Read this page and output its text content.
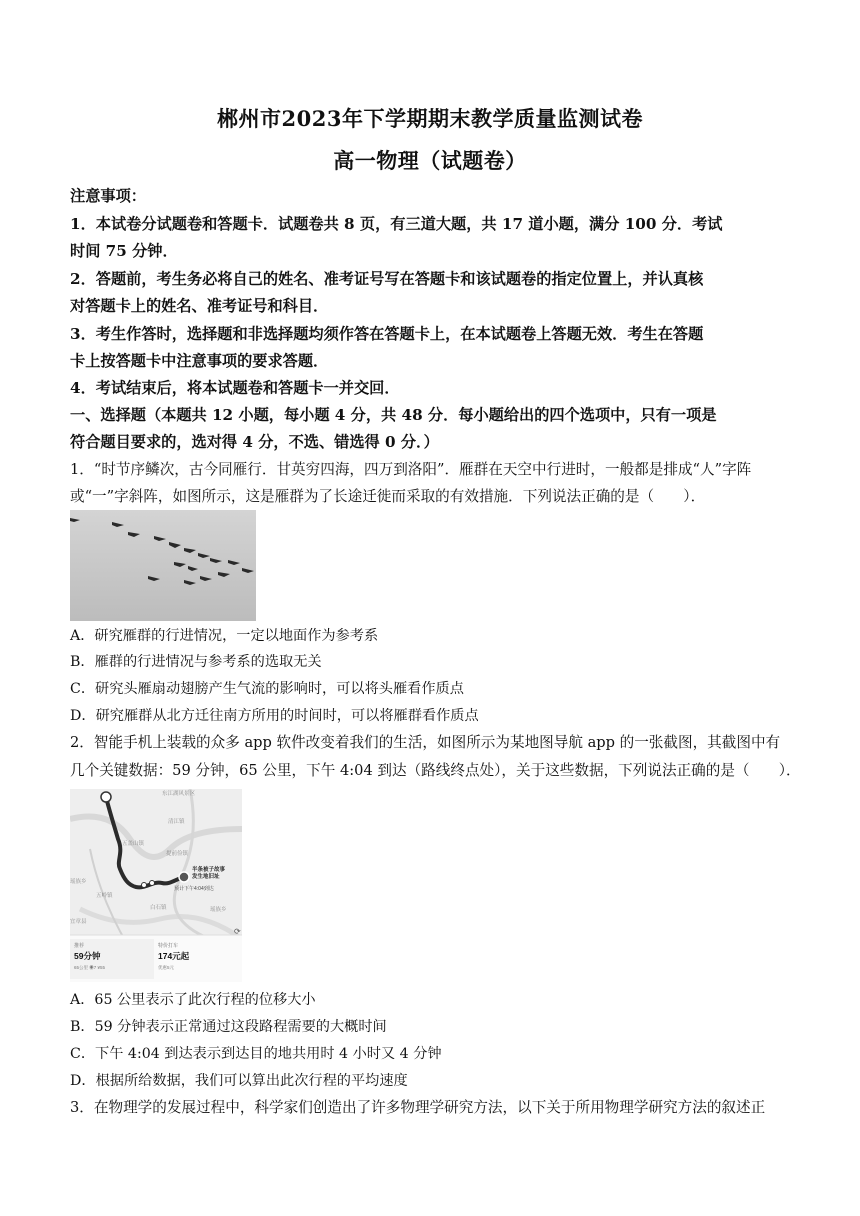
郴州市2023年下学期期末教学质量监测试卷
高一物理（试题卷）
注意事项：
1．本试卷分试题卷和答题卡．试题卷共 8 页，有三道大题，共 17 道小题，满分 100 分．考试
时间 75 分钟．
2．答题前，考生务必将自己的姓名、准考证号写在答题卡和该试题卷的指定位置上，并认真核
对答题卡上的姓名、准考证号和科目．
3．考生作答时，选择题和非选择题均须作答在答题卡上，在本试题卷上答题无效．考生在答题
卡上按答题卡中注意事项的要求答题．
4．考试结束后，将本试题卷和答题卡一并交回．
一、选择题（本题共 12 小题，每小题 4 分，共 48 分．每小题给出的四个选项中，只有一项是
符合题目要求的，选对得 4 分，不选、错选得 0 分．）
1．“时节序鳞次，古今同雁行．甘英穷四海，四万到洛阳”．雁群在天空中行进时，一般都是排成“人”字阵
或“一”字斜阵，如图所示，这是雁群为了长途迁徙而采取的有效措施．下列说法正确的是（　　）．
A．研究雁群的行进情况，一定以地面作为参考系
B．雁群的行进情况与参考系的选取无关
C．研究头雁扇动翅膀产生气流的影响时，可以将头雁看作质点
D．研究雁群从北方迁往南方所用的时间时，可以将雁群看作质点
2．智能手机上装载的众多 app 软件改变着我们的生活，如图所示为某地图导航 app 的一张截图，其截图中有
几个关键数据：59 分钟，65 公里，下午 4:04 到达（路线终点处），关于这些数据，下列说法正确的是（　　）．
东江湖风景区
清江镇
五盖山镇
提前俭镇
瑶族乡
五岭镇
白石镇
宜章县
瑶族乡
半条被子故事
发生地旧址
预计下午4:04到达
⟳
推荐
59分钟
65公里 ◉7 ¥55
特价打车
174元起
优惠5元
A．65 公里表示了此次行程的位移大小
B．59 分钟表示正常通过这段路程需要的大概时间
C．下午 4:04 到达表示到达目的地共用时 4 小时又 4 分钟
D．根据所给数据，我们可以算出此次行程的平均速度
3．在物理学的发展过程中，科学家们创造出了许多物理学研究方法，以下关于所用物理学研究方法的叙述正
